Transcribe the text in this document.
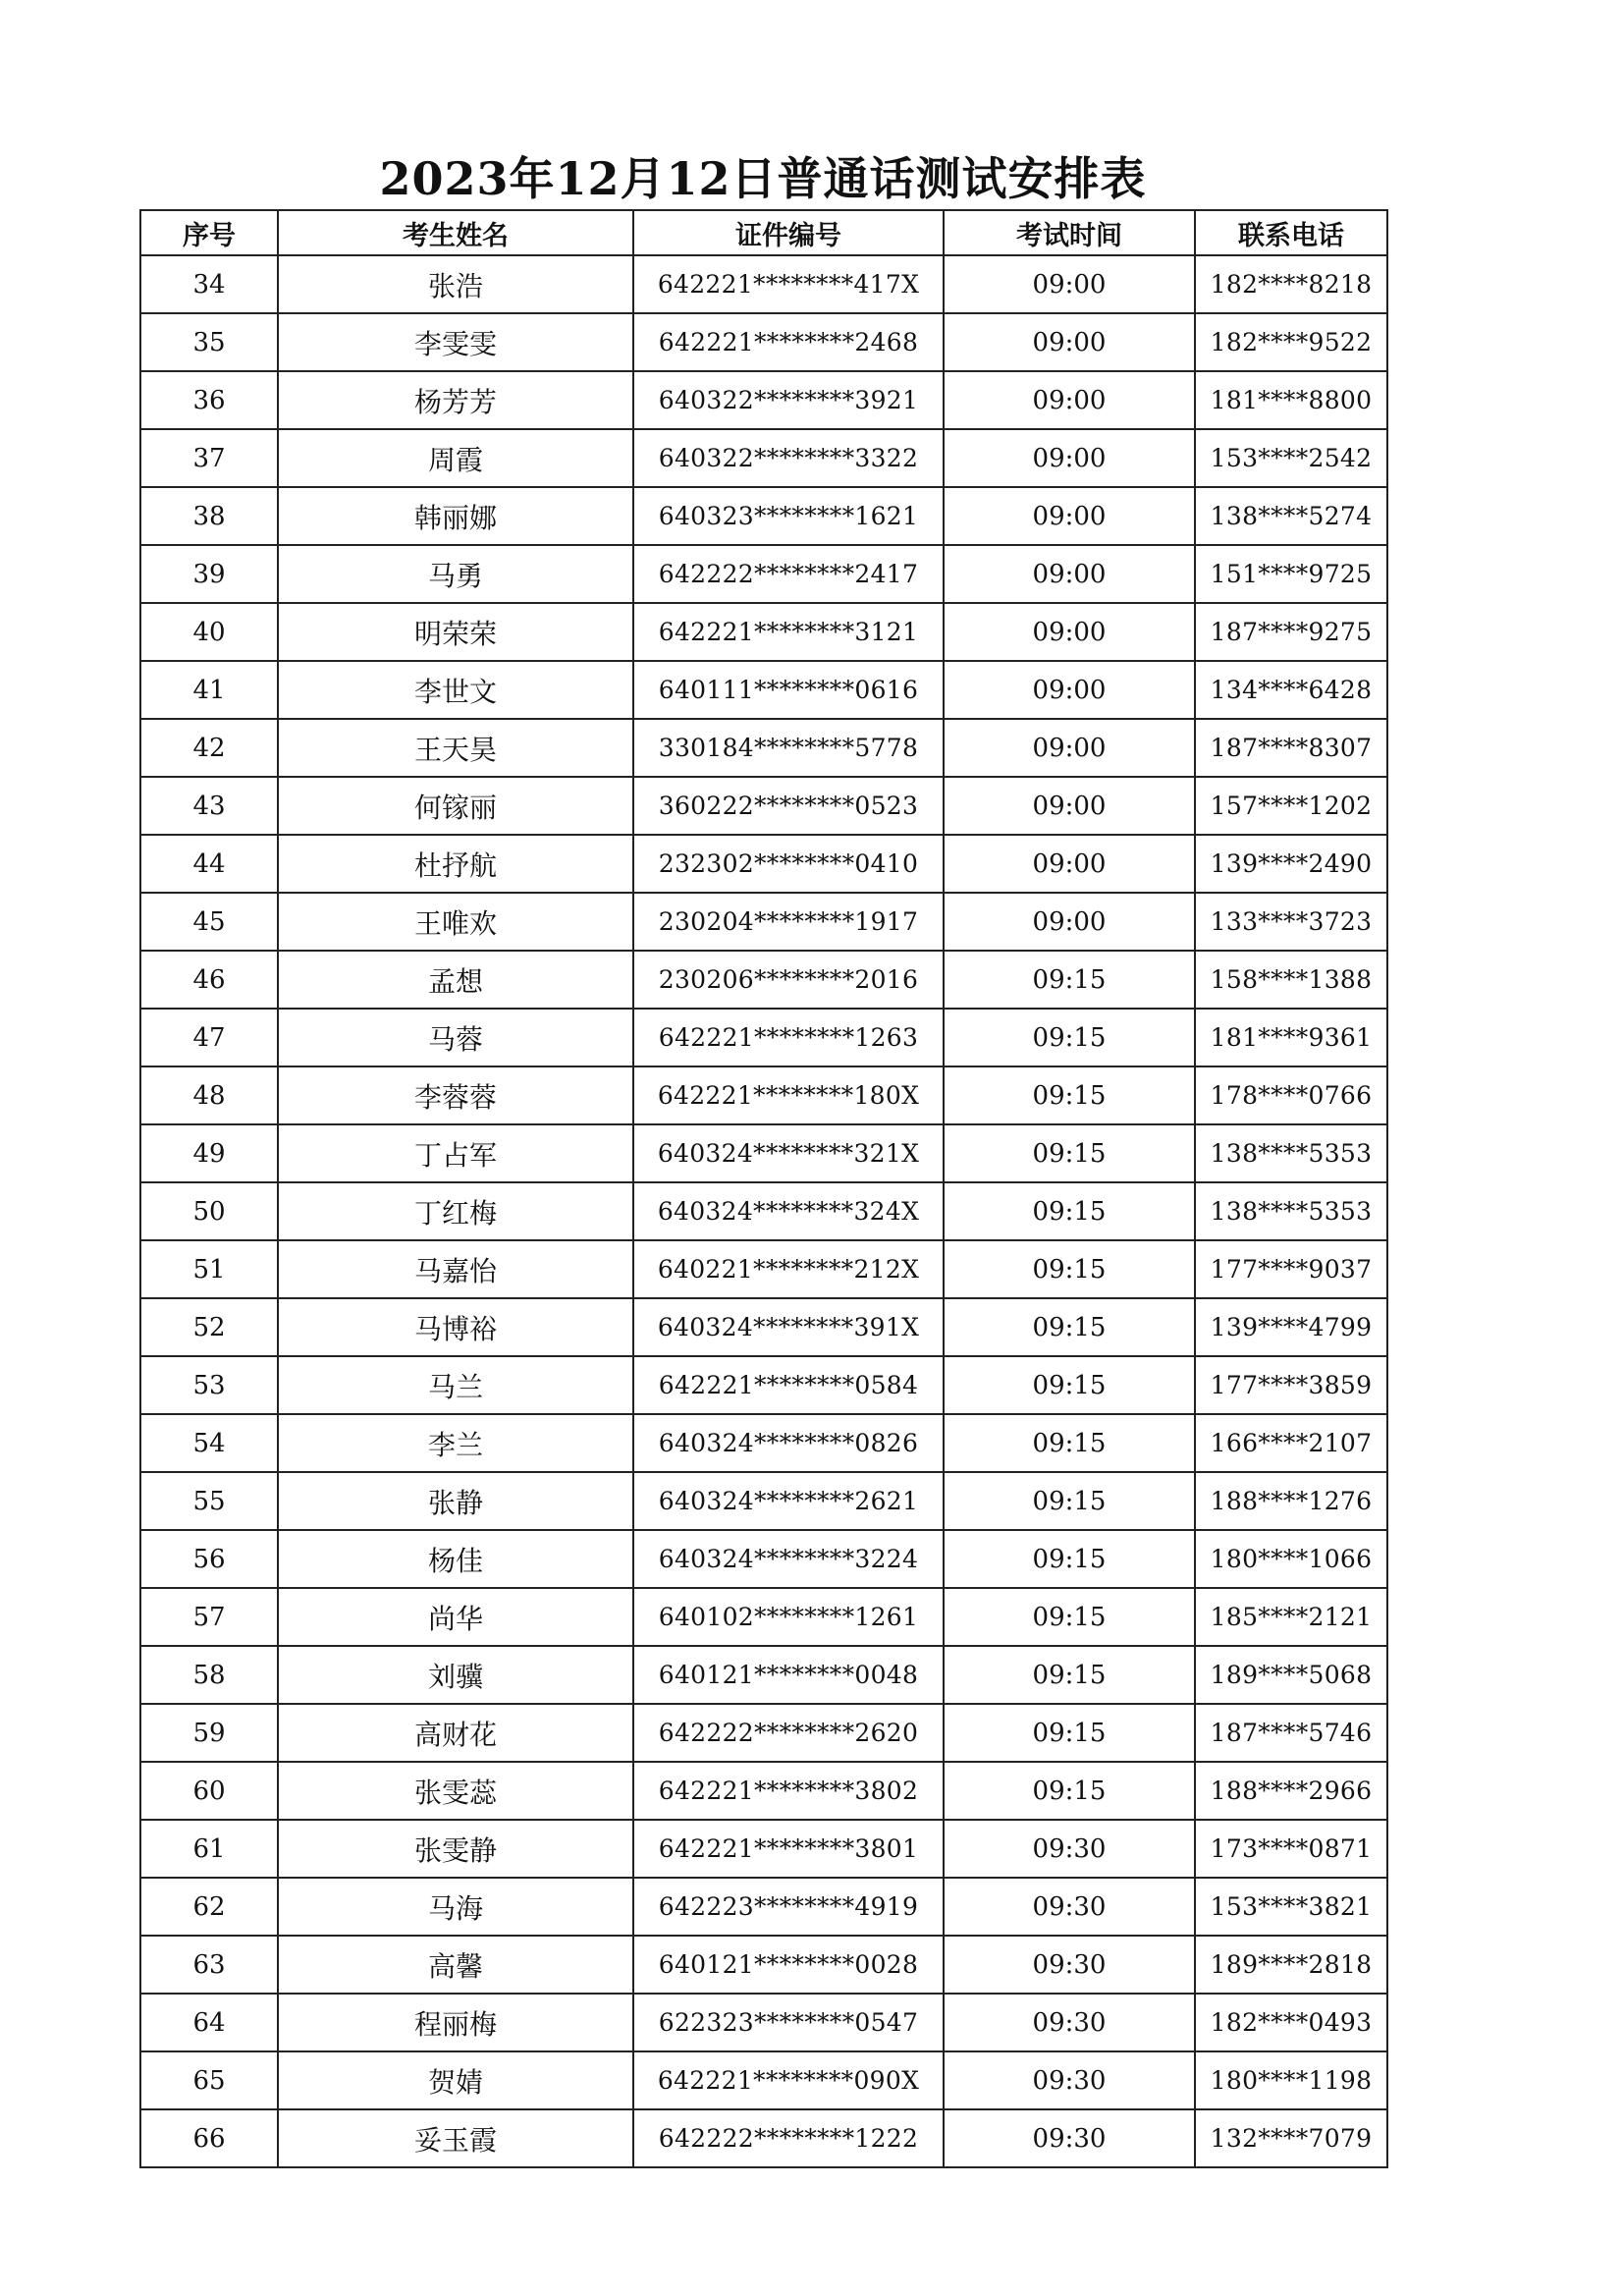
2023年12月12日普通话测试安排表
序号	考生姓名	证件编号	考试时间	联系电话
34	张浩	642221********417X	09:00	182****8218
35	李雯雯	642221********2468	09:00	182****9522
36	杨芳芳	640322********3921	09:00	181****8800
37	周霞	640322********3322	09:00	153****2542
38	韩丽娜	640323********1621	09:00	138****5274
39	马勇	642222********2417	09:00	151****9725
40	明荣荣	642221********3121	09:00	187****9275
41	李世文	640111********0616	09:00	134****6428
42	王天昊	330184********5778	09:00	187****8307
43	何镓丽	360222********0523	09:00	157****1202
44	杜抒航	232302********0410	09:00	139****2490
45	王唯欢	230204********1917	09:00	133****3723
46	孟想	230206********2016	09:15	158****1388
47	马蓉	642221********1263	09:15	181****9361
48	李蓉蓉	642221********180X	09:15	178****0766
49	丁占军	640324********321X	09:15	138****5353
50	丁红梅	640324********324X	09:15	138****5353
51	马嘉怡	640221********212X	09:15	177****9037
52	马博裕	640324********391X	09:15	139****4799
53	马兰	642221********0584	09:15	177****3859
54	李兰	640324********0826	09:15	166****2107
55	张静	640324********2621	09:15	188****1276
56	杨佳	640324********3224	09:15	180****1066
57	尚华	640102********1261	09:15	185****2121
58	刘骥	640121********0048	09:15	189****5068
59	高财花	642222********2620	09:15	187****5746
60	张雯蕊	642221********3802	09:15	188****2966
61	张雯静	642221********3801	09:30	173****0871
62	马海	642223********4919	09:30	153****3821
63	高馨	640121********0028	09:30	189****2818
64	程丽梅	622323********0547	09:30	182****0493
65	贺婧	642221********090X	09:30	180****1198
66	妥玉霞	642222********1222	09:30	132****7079
